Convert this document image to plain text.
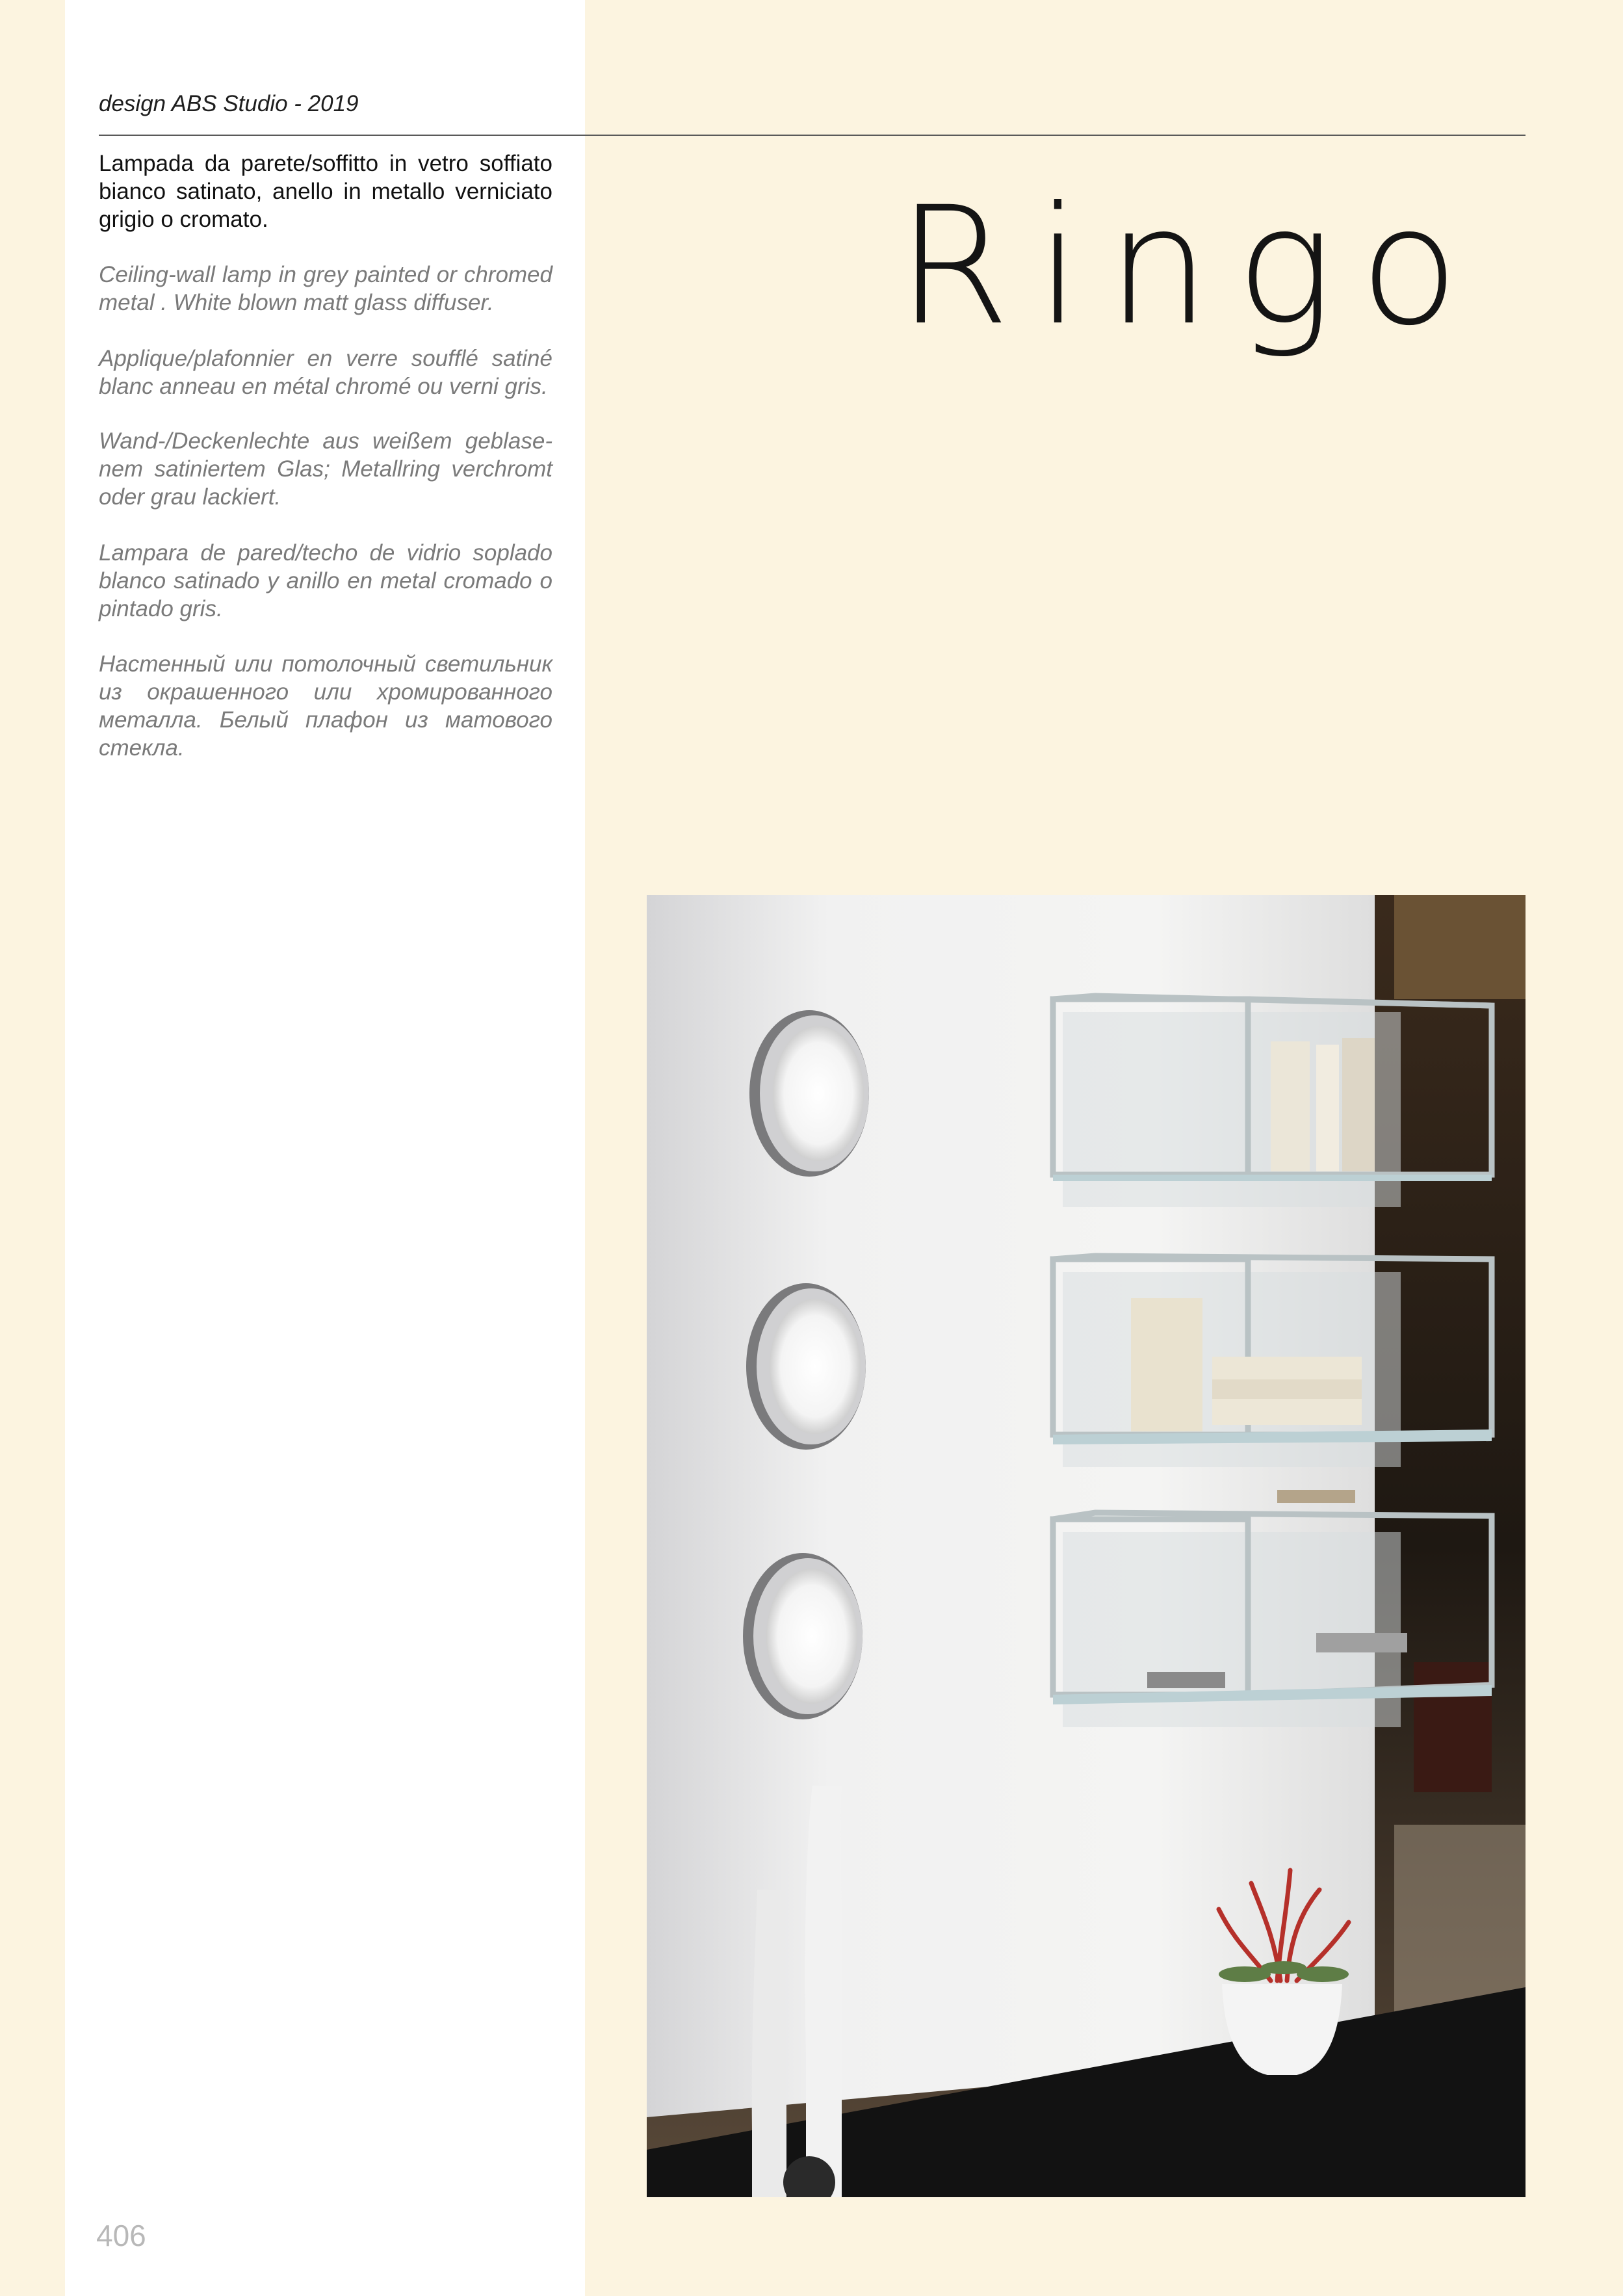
design ABS Studio - 2019

Lampada da parete/soffitto in vetro soffiato bianco satinato, anello in metallo verniciato grigio o cromato.

Ceiling-wall lamp in grey painted or chromed metal . White blown matt glass diffuser.

Applique/plafonnier en verre soufflé satiné blanc anneau en métal chromé ou verni gris.

Wand-/Deckenlechte aus weißem geblase-nem satiniertem Glas; Metallring verchromt oder grau lackiert.

Lampara de pared/techo de vidrio soplado blanco satinado y anillo en metal cromado o pintado gris.

Настенный или потолочный светильник из окрашенного или хромированного металла. Белый плафон из матового стекла.

Ringo
406
